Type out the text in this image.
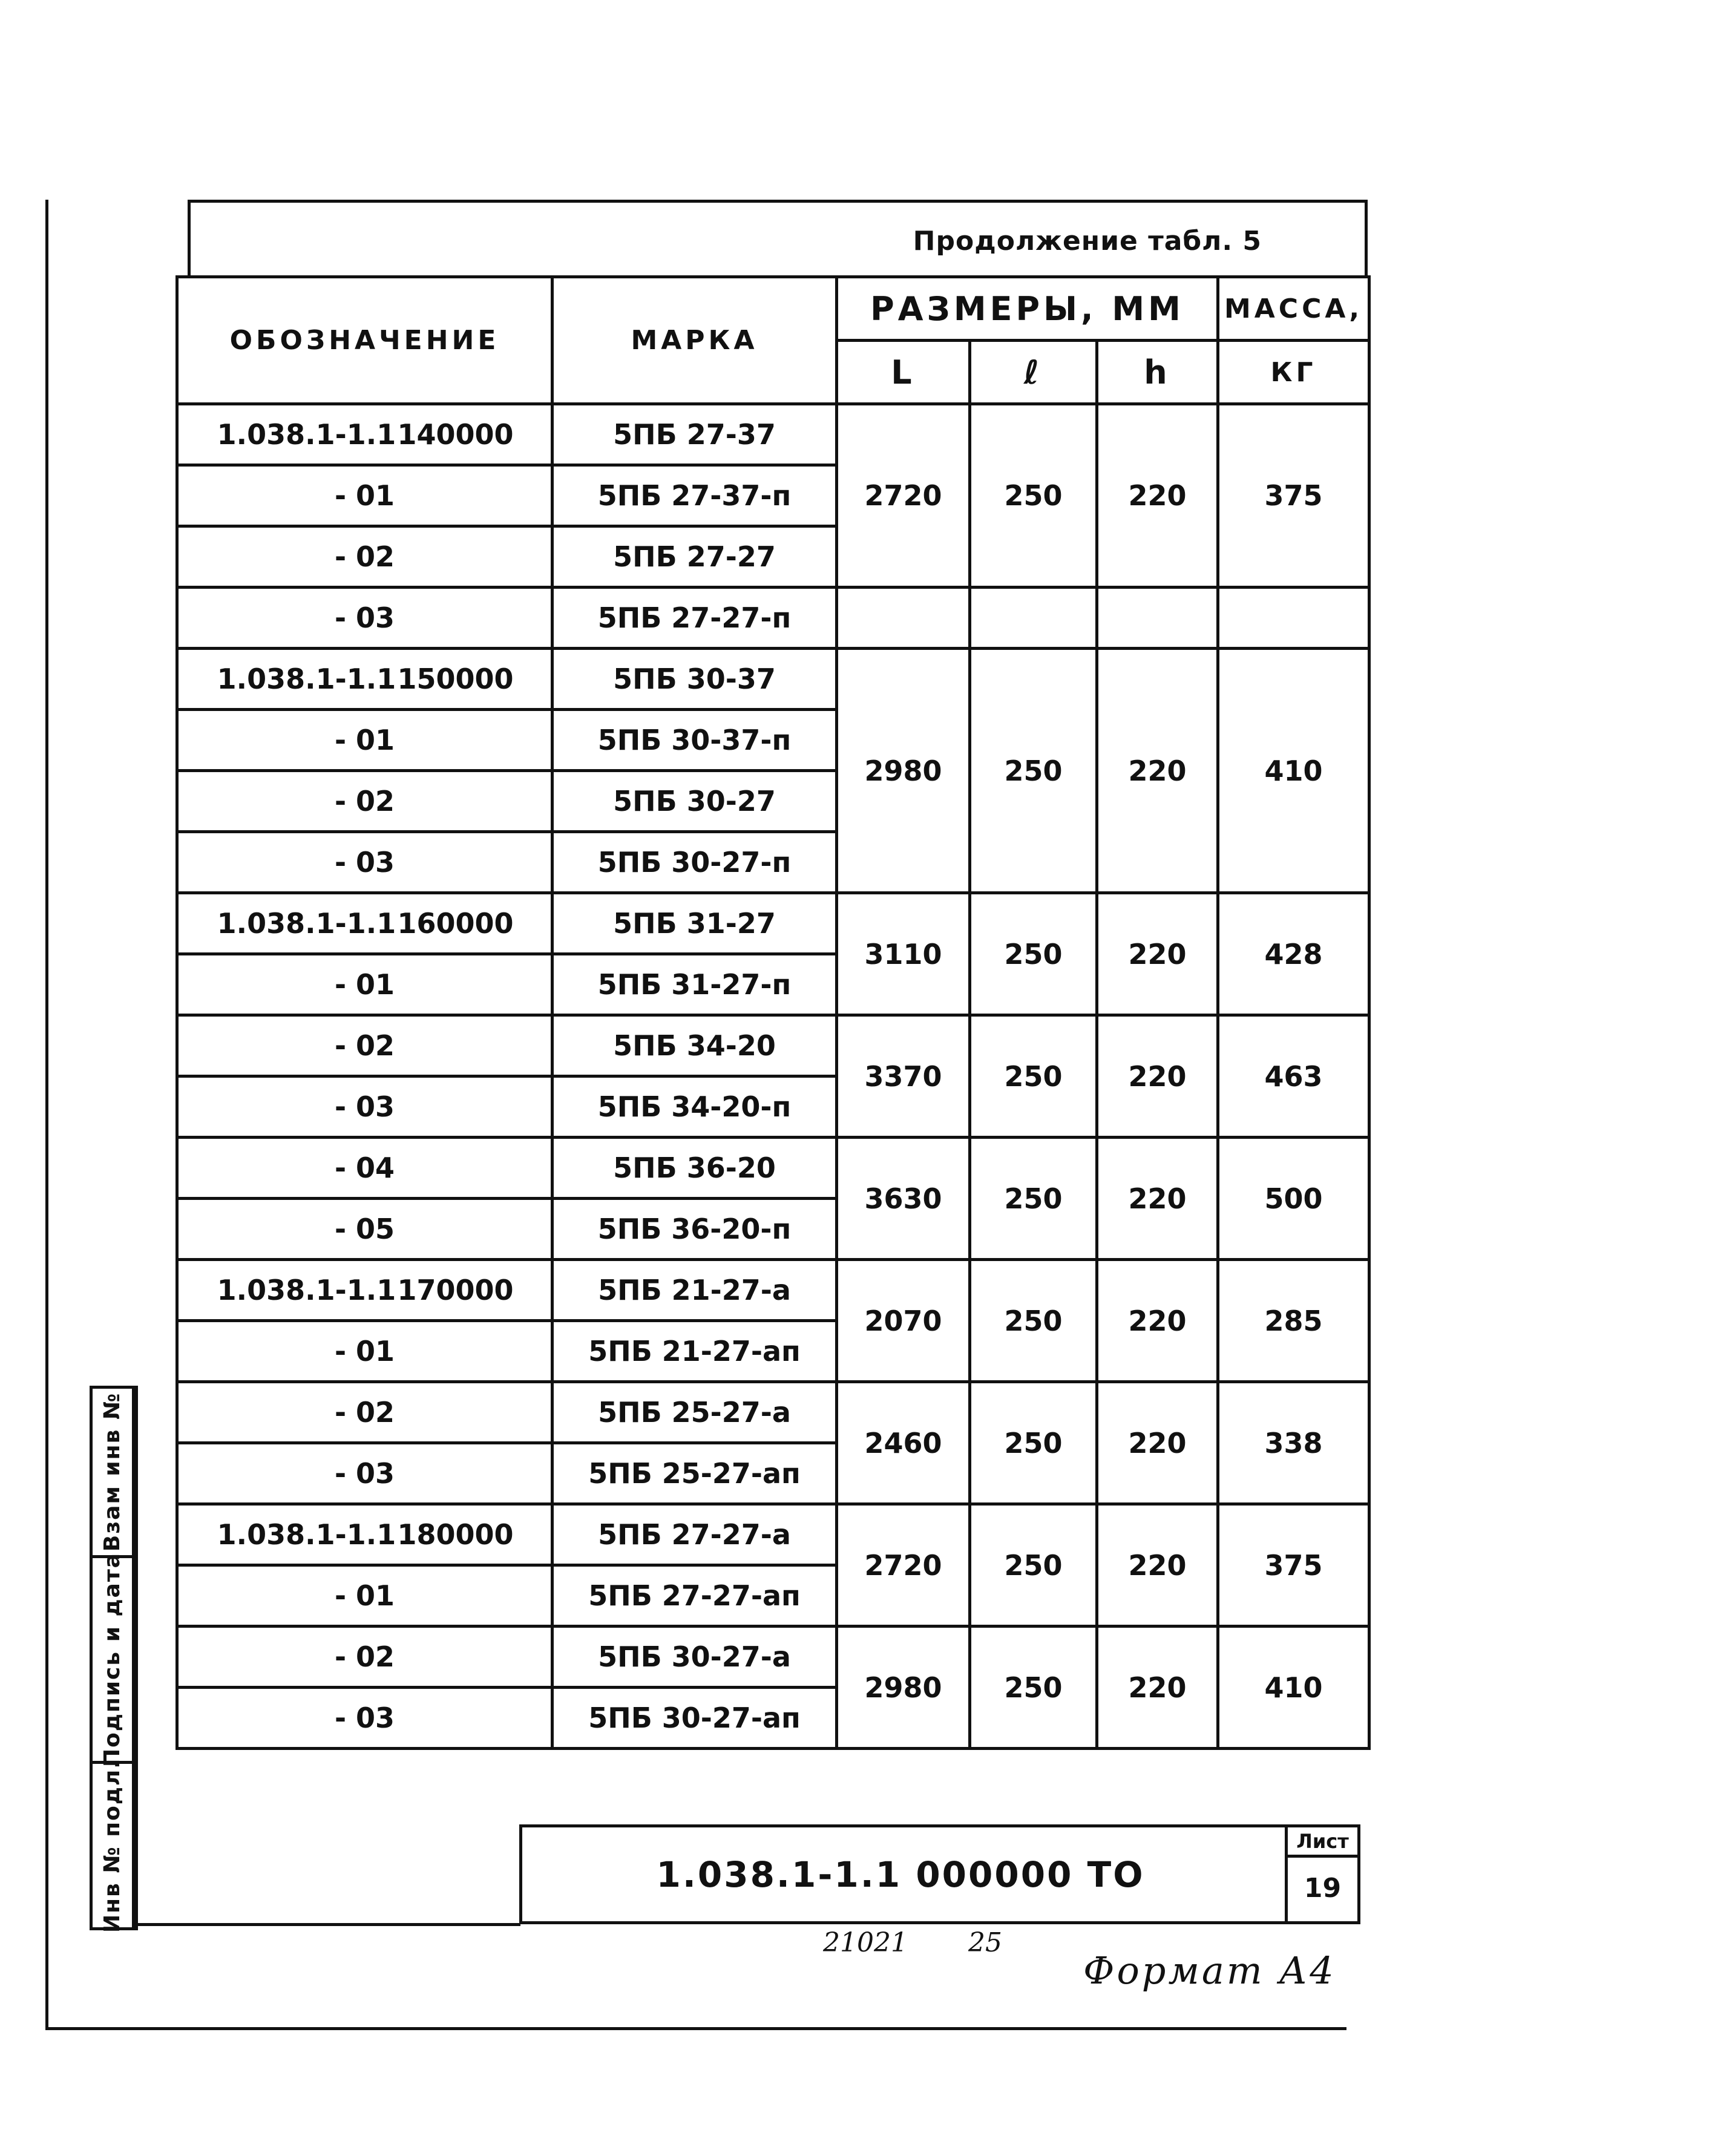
Продолжение табл. 5
ОБОЗНАЧЕНИЕ	МАРКА	РАЗМЕРЫ, ММ			МАССА,
		L	ℓ	h	КГ
1.038.1-1.1140000	5ПБ 27-37	2720	250	220	375
- 01	5ПБ 27-37-п				
- 02	5ПБ 27-27				
- 03	5ПБ 27-27-п				
1.038.1-1.1150000	5ПБ 30-37	2980	250	220	410
- 01	5ПБ 30-37-п				
- 02	5ПБ 30-27				
- 03	5ПБ 30-27-п				
1.038.1-1.1160000	5ПБ 31-27	3110	250	220	428
- 01	5ПБ 31-27-п				
- 02	5ПБ 34-20	3370	250	220	463
- 03	5ПБ 34-20-п				
- 04	5ПБ 36-20	3630	250	220	500
- 05	5ПБ 36-20-п				
1.038.1-1.1170000	5ПБ 21-27-а	2070	250	220	285
- 01	5ПБ 21-27-ап				
- 02	5ПБ 25-27-а	2460	250	220	338
- 03	5ПБ 25-27-ап				
1.038.1-1.1180000	5ПБ 27-27-а	2720	250	220	375
- 01	5ПБ 27-27-ап				
- 02	5ПБ 30-27-а	2980	250	220	410
- 03	5ПБ 30-27-ап				
Взам инв №
Подпись и дата
Инв № подл.	1.038.1-1.1 000000 ТО
Лист
19
21021 25
Формат А4
